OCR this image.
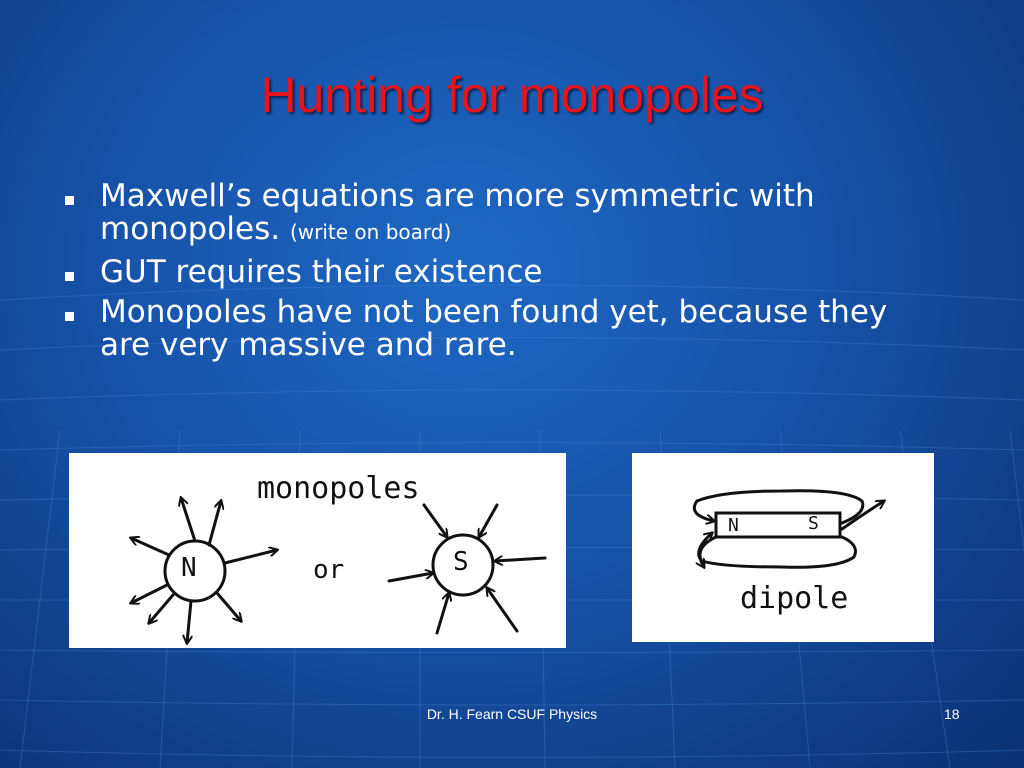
Hunting for monopoles
Maxwell’s equations are more symmetric with monopoles. (write on board)
GUT requires their existence
Monopoles have not been found yet, because they are very massive and rare.
monopoles
N	or	S
N	S
dipole
Dr. H. Fearn CSUF Physics	18
